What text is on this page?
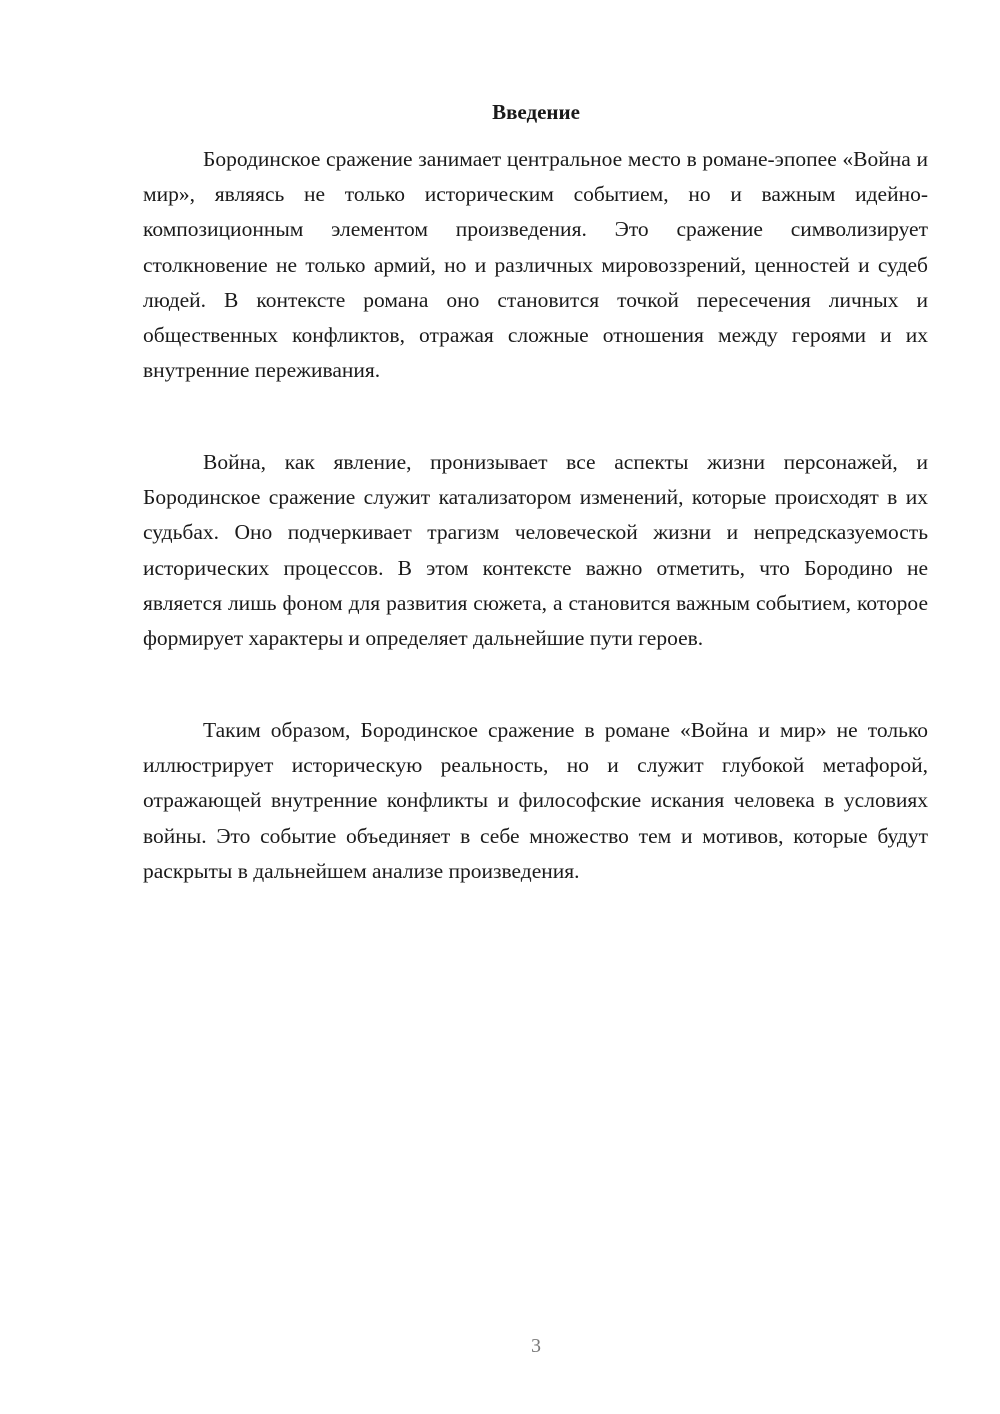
Введение

Бородинское сражение занимает центральное место в романе-эпопее «Война и мир», являясь не только историческим событием, но и важным идейно-композиционным элементом произведения. Это сражение символизирует столкновение не только армий, но и различных мировоззрений, ценностей и судеб людей. В контексте романа оно становится точкой пересечения личных и общественных конфликтов, отражая сложные отношения между героями и их внутренние переживания.

Война, как явление, пронизывает все аспекты жизни персонажей, и Бородинское сражение служит катализатором изменений, которые происходят в их судьбах. Оно подчеркивает трагизм человеческой жизни и непредсказуемость исторических процессов. В этом контексте важно отметить, что Бородино не является лишь фоном для развития сюжета, а становится важным событием, которое формирует характеры и определяет дальнейшие пути героев.

Таким образом, Бородинское сражение в романе «Война и мир» не только иллюстрирует историческую реальность, но и служит глубокой метафорой, отражающей внутренние конфликты и философские искания человека в условиях войны. Это событие объединяет в себе множество тем и мотивов, которые будут раскрыты в дальнейшем анализе произведения.

3
